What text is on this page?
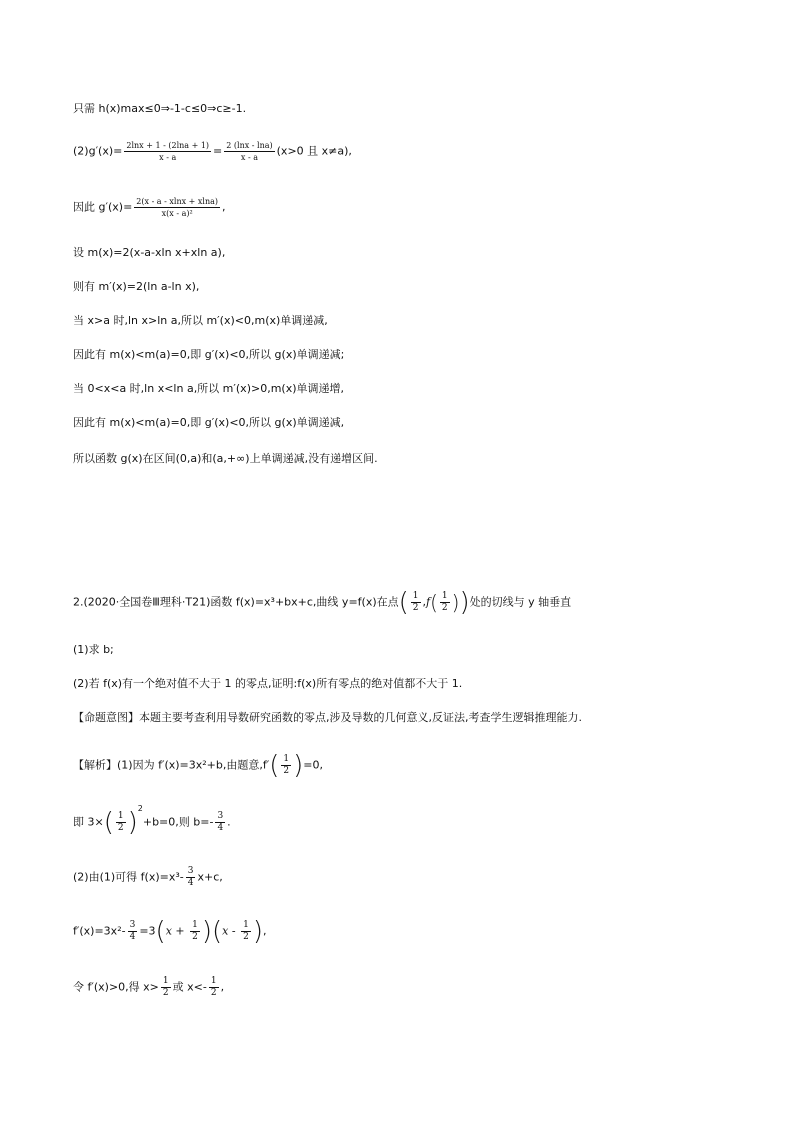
只需 h(x)max≤0⇒-1-c≤0⇒c≥-1.
$(2)g'(x)= \frac{2\ln x + 1 - (2\ln a + 1)}{x - a} = \frac{2 (\ln x - \ln a)}{x - a} (x>0$ 且 x≠a),
因此 $g'(x)= \frac{2(x - a - xlnx + xlna)}{\text{x(x - a)²}}$ ,
设 m(x)=2(x-a-xln x+xln a),
则有 m′(x)=2(ln a-ln x),
当 x>a 时,ln x>ln a,所以 m′(x)<0,m(x)单调递减,
因此有 m(x)<m(a)=0,即 g′(x)<0,所以 g(x)单调递减;
当 0<x<a 时,ln x<ln a,所以 m′(x)>0,m(x)单调递增,
因此有 m(x)<m(a)=0,即 g′(x)<0,所以 g(x)单调递减,
所以函数 g(x)在区间(0,a)和(a,+∞)上单调递减,没有递增区间.
2.(2020·全国卷Ⅲ理科·T21)函数 f(x)=x³+bx+c,曲线 y=f(x)在点( $\frac{1}{2} ,f( \frac{1}{2}$ ))处的切线与 y 轴垂直
(1)求 b;
(2)若 f(x)有一个绝对值不大于 1 的零点,证明:f(x)所有零点的绝对值都不大于 1.
【命题意图】本题主要考查利用导数研究函数的零点,涉及导数的几何意义,反证法,考查学生逻辑推理能力.
【解析】(1)因为 f′(x)=3x²+b,由题意$,f'( \frac{1}{2} )=0$,
即 $3\times( \frac{1}{2} )^2+b=0$,则 $b=- \frac{3}{4}$ .
(2)由(1)可得 $f(x)=x^3- \frac{3}{4} x+c$,
$f'(x)=3x^2- \frac{3}{4} =3(x + \frac{1}{2} )(x - \frac{1}{2}$ ),
令 f′(x)>0,得 $x> \frac{1}{2}$ 或 $x<- \frac{1}{2}$ ,
